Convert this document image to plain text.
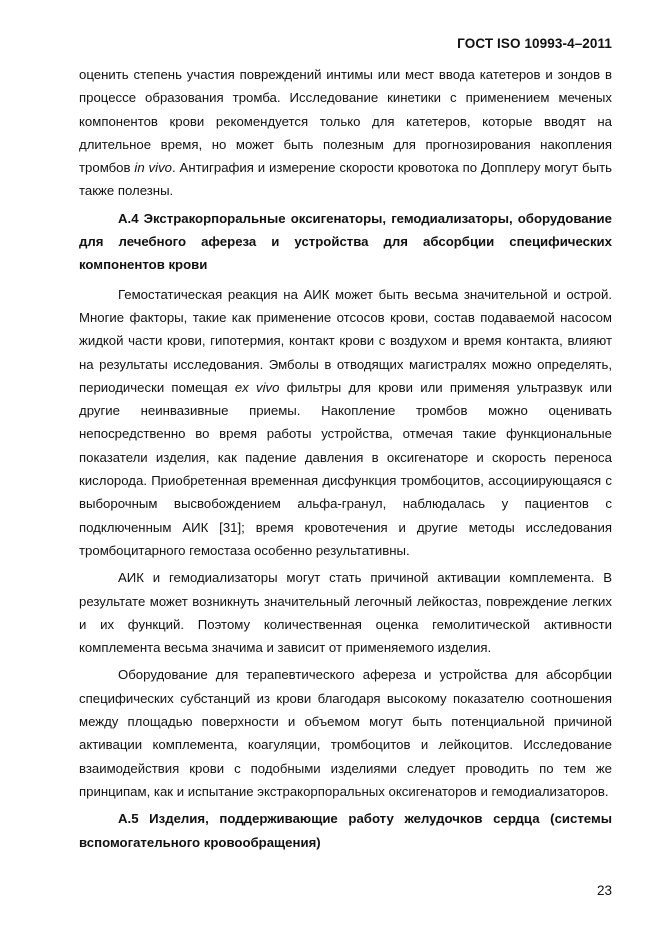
ГОСТ ISO 10993-4–2011

оценить степень участия повреждений интимы или мест ввода катетеров и зондов в процессе образования тромба. Исследование кинетики с применением меченых компонентов крови рекомендуется только для катетеров, которые вводят на длительное время, но может быть полезным для прогнозирования накопления тромбов in vivo. Антиграфия и измерение скорости кровотока по Допплеру могут быть также полезны.

А.4 Экстракорпоральные оксигенаторы, гемодиализаторы, оборудование для лечебного афереза и устройства для абсорбции специфических компонентов крови

Гемостатическая реакция на АИК может быть весьма значительной и острой. Многие факторы, такие как применение отсосов крови, состав подаваемой насосом жидкой части крови, гипотермия, контакт крови с воздухом и время контакта, влияют на результаты исследования. Эмболы в отводящих магистралях можно определять, периодически помещая ex vivo фильтры для крови или применяя ультразвук или другие неинвазивные приемы. Накопление тромбов можно оценивать непосредственно во время работы устройства, отмечая такие функциональные показатели изделия, как падение давления в оксигенаторе и скорость переноса кислорода. Приобретенная временная дисфункция тромбоцитов, ассоциирующаяся с выборочным высвобождением альфа-гранул, наблюдалась у пациентов с подключенным АИК [31]; время кровотечения и другие методы исследования тромбоцитарного гемостаза особенно результативны.

АИК и гемодиализаторы могут стать причиной активации комплемента. В результате может возникнуть значительный легочный лейкостаз, повреждение легких и их функций. Поэтому количественная оценка гемолитической активности комплемента весьма значима и зависит от применяемого изделия.

Оборудование для терапевтического афереза и устройства для абсорбции специфических субстанций из крови благодаря высокому показателю соотношения между площадью поверхности и объемом могут быть потенциальной причиной активации комплемента, коагуляции, тромбоцитов и лейкоцитов. Исследование взаимодействия крови с подобными изделиями следует проводить по тем же принципам, как и испытание экстракорпоральных оксигенаторов и гемодиализаторов.

А.5 Изделия, поддерживающие работу желудочков сердца (системы вспомогательного кровообращения)

23
